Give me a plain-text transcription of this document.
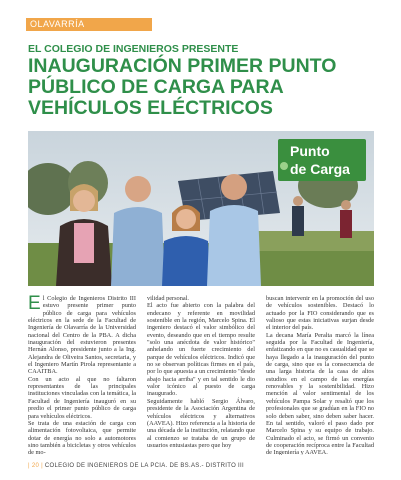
OLAVARRÍA
EL COLEGIO DE INGENIEROS PRESENTE
INAUGURACIÓN PRIMER PUNTO PÚBLICO DE CARGA PARA VEHÍCULOS ELÉCTRICOS
Punto
de Carga

El Colegio de Ingenieros Distrito III estuvo presente primer punto público de carga para vehículos eléctricos en la sede de la Facultad de Ingeniería de Olavarría de la Universidad nacional del Centro de la PBA. A dicha inauguración del estuvieron presentes Hernán Alonso, presidente junto a la Ing. Alejandra de Oliveira Santos, secretaria, y el Ingeniero Martín Pirola representante a CAAITBA.

Con un acto al que no faltaron representantes de las principales instituciones vinculadas con la temática, la Facultad de Ingeniería inauguró en su predio el primer punto público de carga para vehículos eléctricos.

Se trata de una estación de carga con alimentación fotovoltaica, que permite dotar de energía no solo a automotores sino también a bicicletas y otros vehículos de mo-

vilidad personal.

El acto fue abierto con la palabra del endecano y referente en movilidad sostenible en la región, Marcelo Spina. El ingeniero destacó el valor simbólico del evento, deseando que en el tiempo resulte "solo una anécdota de valor histórico" anhelando un fuerte crecimiento del parque de vehículos eléctricos. Indicó que no se observan políticas firmes en el país, por lo que apuesta a un crecimiento "desde abajo hacia arriba" y en tal sentido le dio valor icónico al puesto de carga inaugurado.

Seguidamente habló Sergio Álvaro, presidente de la Asociación Argentina de vehículos eléctricos y alternativos (AAVEA). Hizo referencia a la historia de una década de la institución, relatando que al comienzo se trataba de un grupo de usuarios entusiastas pero que hoy

buscan intervenir en la promoción del uso de vehículos sostenibles. Destacó lo actuado por la FIO considerando que es valioso que estas iniciativas surjan desde el interior del país.

La decana María Peralta marcó la línea seguida por la Facultad de Ingeniería, enfatizando en que no es casualidad que se haya llegado a la inauguración del punto de carga, sino que es la consecuencia de una larga historia de la casa de altos estudios en el campo de las energías renovables y la sostenibilidad. Hizo mención al valor sentimental de los vehículos Pampa Solar y resaltó que los profesionales que se gradúan en la FIO no solo deben saber, sino deben saber hacer. En tal sentido, valoró el paso dado por Marcelo Spina y su equipo de trabajo. Culminado el acto, se firmó un convenio de cooperación recíproca entre la Facultad de Ingeniería y AAVEA.

| 20 | COLEGIO DE INGENIEROS DE LA PCIA. DE BS.AS.- DISTRITO III
